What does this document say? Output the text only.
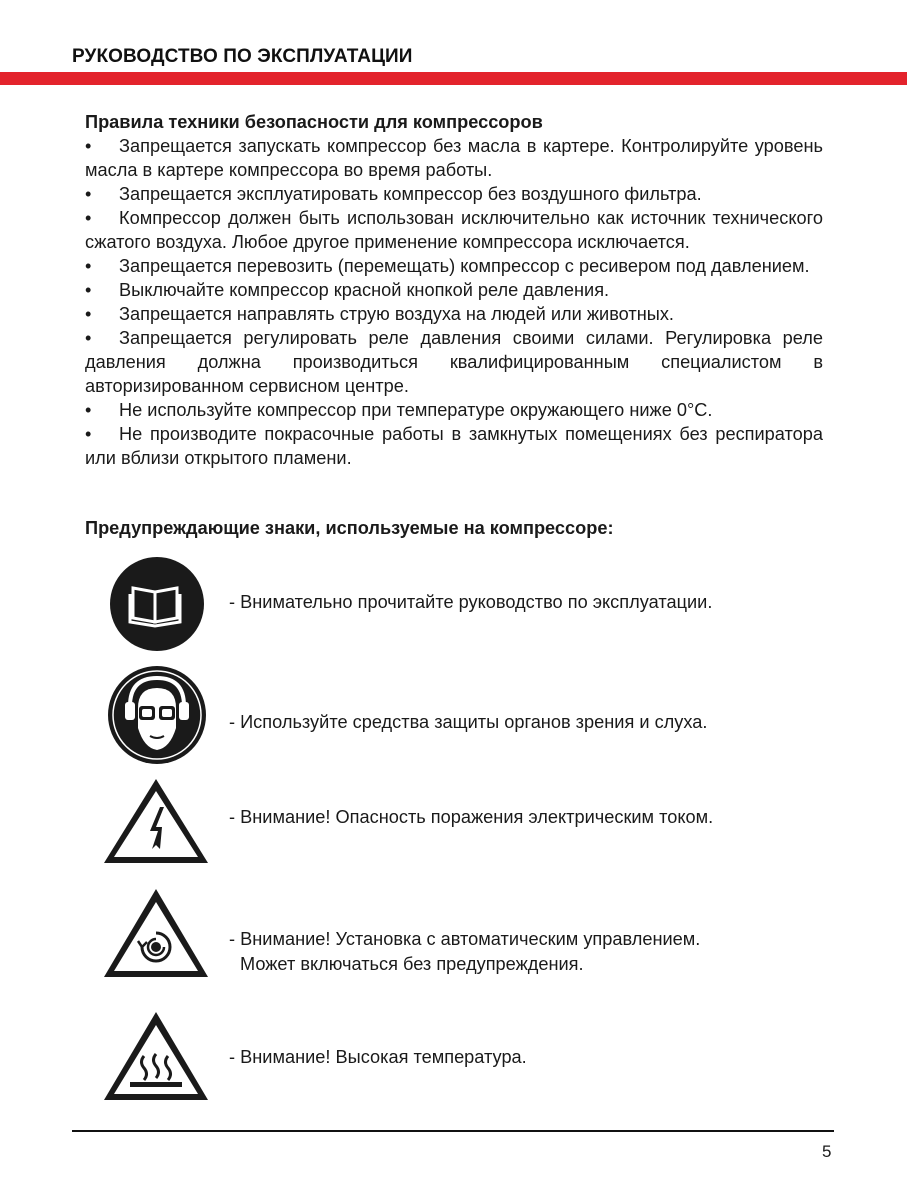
РУКОВОДСТВО ПО ЭКСПЛУАТАЦИИ

Правила техники безопасности для компрессоров

• Запрещается запускать компрессор без масла в картере. Контролируйте уровень масла в картере компрессора во время работы.
• Запрещается эксплуатировать компрессор без воздушного фильтра.
• Компрессор должен быть использован исключительно как источник технического сжатого воздуха. Любое другое применение компрессора исключается.
• Запрещается перевозить (перемещать) компрессор с ресивером под давлением.
• Выключайте компрессор красной кнопкой реле давления.
• Запрещается направлять струю воздуха на людей или животных.
• Запрещается регулировать реле давления своими силами. Регулировка реле давления должна производиться квалифицированным специалистом в авторизированном сервисном центре.
• Не используйте компрессор при температуре окружающего ниже 0°C.
• Не производите покрасочные работы в замкнутых помещениях без респиратора или вблизи открытого пламени.
Предупреждающие знаки, используемые на компрессоре:
- Внимательно прочитайте руководство по эксплуатации.
- Используйте средства защиты органов зрения и слуха.
- Внимание! Опасность поражения электрическим током.
- Внимание! Установка с автоматическим управлением.
Может включаться без предупреждения.
- Внимание! Высокая температура.
5
